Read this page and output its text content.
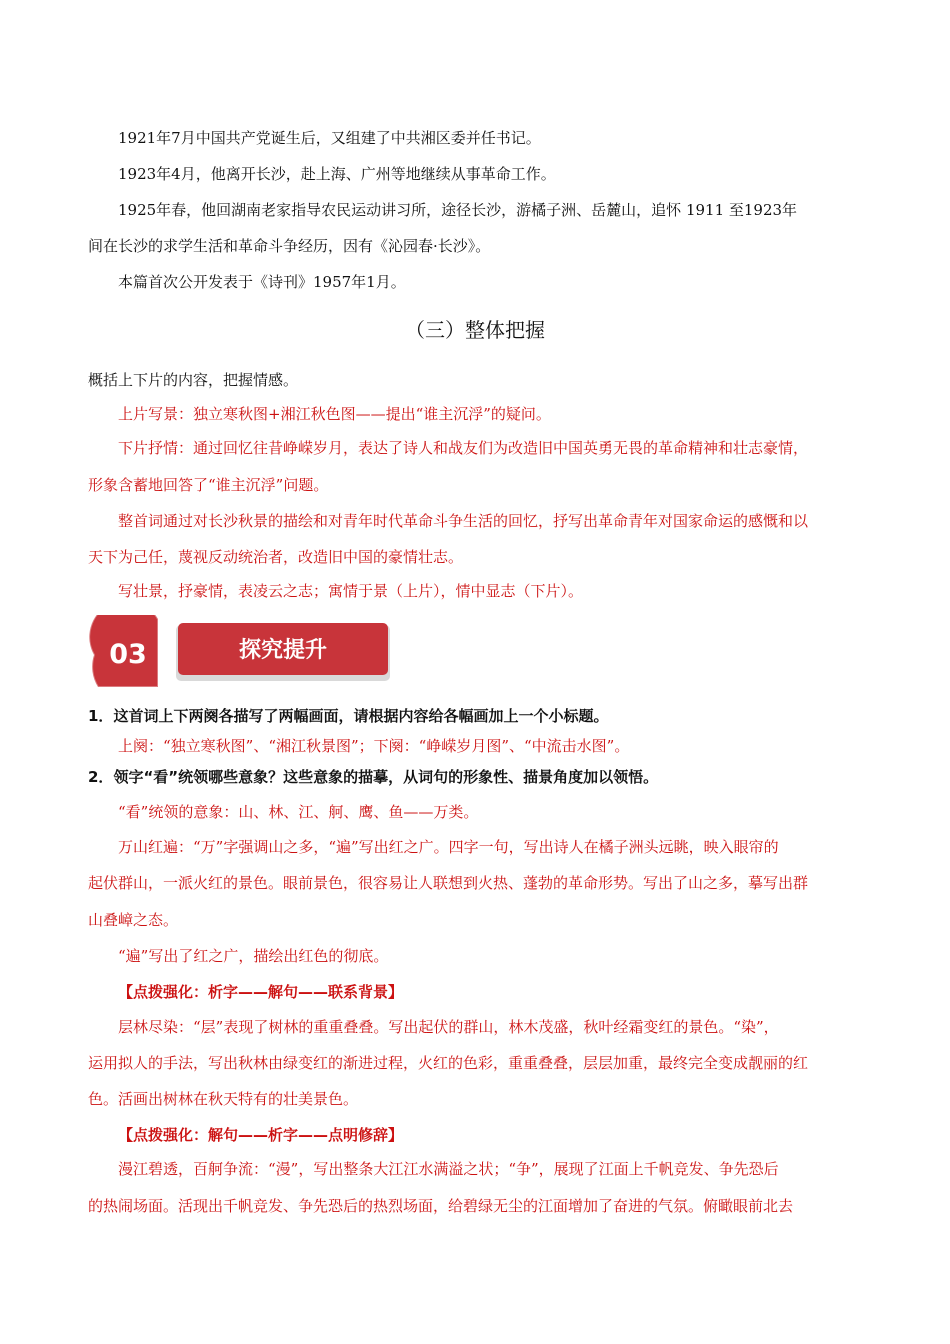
1921年7月中国共产党诞生后，又组建了中共湘区委并任书记。
1923年4月，他离开长沙，赴上海、广州等地继续从事革命工作。
1925年春，他回湖南老家指导农民运动讲习所，途径长沙，游橘子洲、岳麓山，追怀 1911 至1923年
间在长沙的求学生活和革命斗争经历，因有《沁园春·长沙》。
本篇首次公开发表于《诗刊》1957年1月。
（三）整体把握
概括上下片的内容，把握情感。
上片写景：独立寒秋图+湘江秋色图——提出“谁主沉浮”的疑问。
下片抒情：通过回忆往昔峥嵘岁月，表达了诗人和战友们为改造旧中国英勇无畏的革命精神和壮志豪情，
形象含蓄地回答了“谁主沉浮”问题。
整首词通过对长沙秋景的描绘和对青年时代革命斗争生活的回忆，抒写出革命青年对国家命运的感慨和以
天下为己任，蔑视反动统治者，改造旧中国的豪情壮志。
写壮景，抒豪情，表凌云之志；寓情于景（上片），情中显志（下片）。
03	探究提升
1．这首词上下两阕各描写了两幅画面，请根据内容给各幅画加上一个小标题。
上阕：“独立寒秋图”、“湘江秋景图”；下阕：“峥嵘岁月图”、“中流击水图”。
2．领字“看”统领哪些意象？这些意象的描摹，从词句的形象性、描景角度加以领悟。
“看”统领的意象：山、林、江、舸、鹰、鱼——万类。
万山红遍：“万”字强调山之多，“遍”写出红之广。四字一句，写出诗人在橘子洲头远眺，映入眼帘的
起伏群山，一派火红的景色。眼前景色，很容易让人联想到火热、蓬勃的革命形势。写出了山之多，摹写出群
山叠嶂之态。
“遍”写出了红之广，描绘出红色的彻底。
【点拨强化：析字——解句——联系背景】
层林尽染：“层”表现了树林的重重叠叠。写出起伏的群山，林木茂盛，秋叶经霜变红的景色。“染”，
运用拟人的手法，写出秋林由绿变红的渐进过程，火红的色彩，重重叠叠，层层加重，最终完全变成靓丽的红
色。活画出树林在秋天特有的壮美景色。
【点拨强化：解句——析字——点明修辞】
漫江碧透，百舸争流：“漫”，写出整条大江江水满溢之状；“争”，展现了江面上千帆竞发、争先恐后
的热闹场面。活现出千帆竞发、争先恐后的热烈场面，给碧绿无尘的江面增加了奋进的气氛。俯瞰眼前北去
